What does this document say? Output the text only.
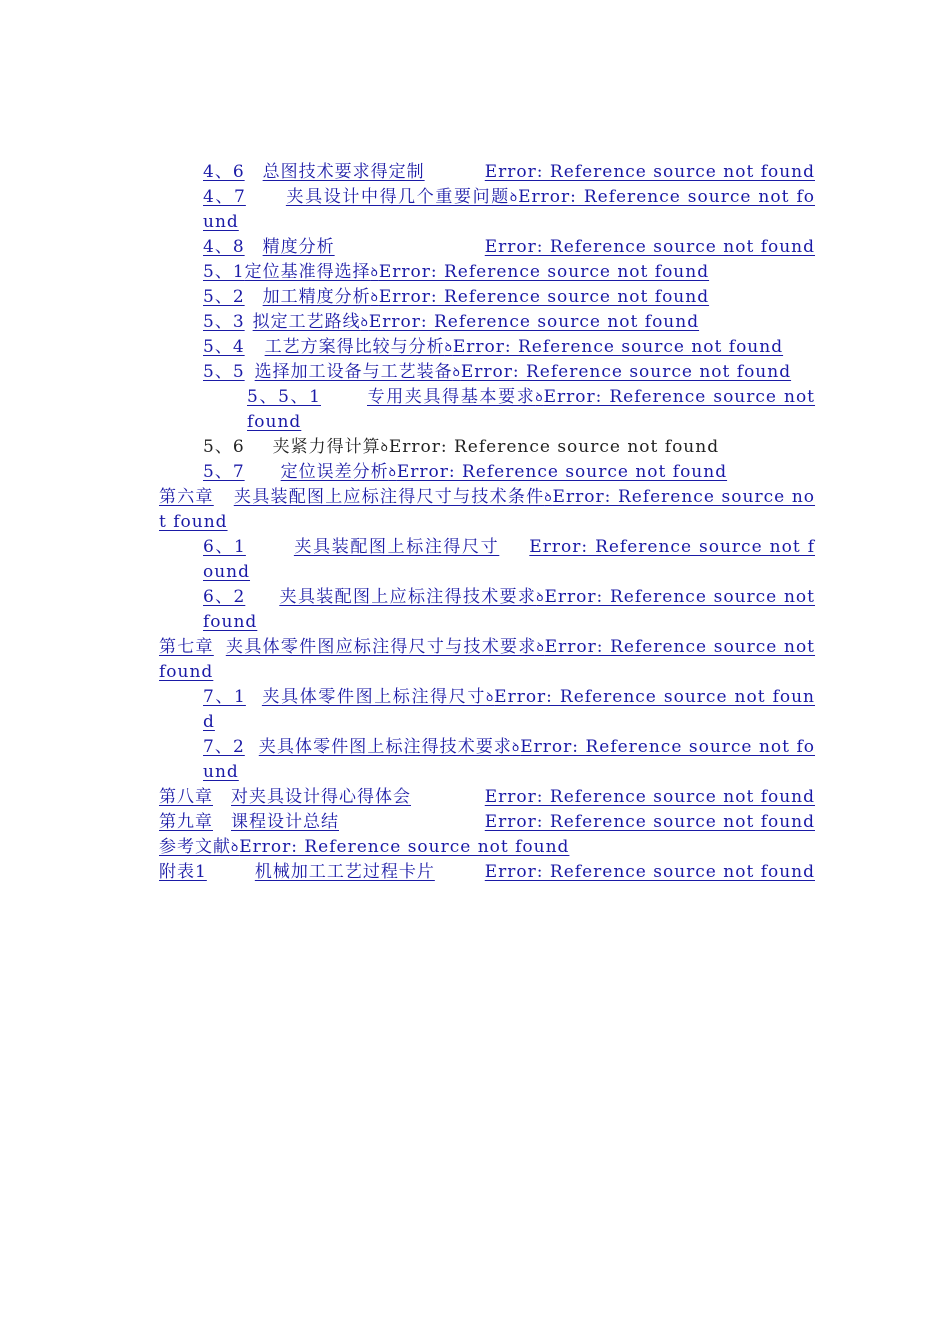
4、6 总图技术要求得定制	Error: Reference source not found
4、7 夹具设计中得几个重要问题ꝺError: Reference source not found
4、8 精度分析	Error: Reference source not found
5、1定位基准得选择ꝺError: Reference source not found
5、2 加工精度分析ꝺError: Reference source not found
5、3 拟定工艺路线ꝺError: Reference source not found
5、4 工艺方案得比较与分析ꝺError: Reference source not found
5、5 选择加工设备与工艺装备ꝺError: Reference source not found
5、5、1	专用夹具得基本要求ꝺError: Reference source not found
5、6 夹紧力得计算ꝺError: Reference source not found
5、7 定位误差分析ꝺError: Reference source not found
第六章 夹具装配图上应标注得尺寸与技术条件ꝺError: Reference source not found
6、1	夹具装配图上标注得尺寸 Error: Reference source not found
6、2 夹具装配图上应标注得技术要求ꝺError: Reference source not found
第七章 夹具体零件图应标注得尺寸与技术要求ꝺError: Reference source not found
7、1 夹具体零件图上标注得尺寸ꝺError: Reference source not found
7、2 夹具体零件图上标注得技术要求ꝺError: Reference source not found
第八章 对夹具设计得心得体会	Error: Reference source not found
第九章 课程设计总结	Error: Reference source not found
参考文献ꝺError: Reference source not found
附表1	机械加工工艺过程卡片	Error: Reference source not found
